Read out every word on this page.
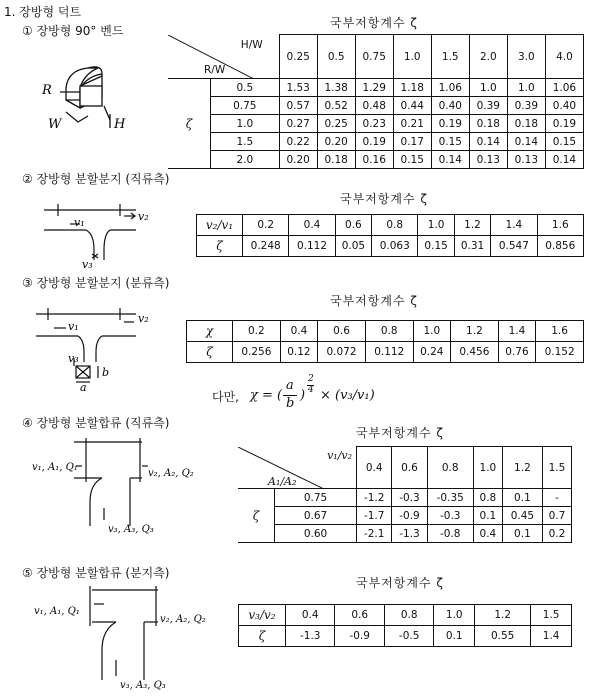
1. 장방형 덕트
① 장방형 90° 벤드
국부저항계수 ζ
R
W	H
H/W
R/W		0.25	0.5	0.75	1.0	1.5	2.0	3.0	4.0
ζ	0.5	1.53	1.38	1.29	1.18	1.06	1.0	1.0	1.06
	0.75	0.57	0.52	0.48	0.44	0.40	0.39	0.39	0.40
	1.0	0.27	0.25	0.23	0.21	0.19	0.18	0.18	0.19
	1.5	0.22	0.20	0.19	0.17	0.15	0.14	0.14	0.15
	2.0	0.20	0.18	0.16	0.15	0.14	0.13	0.13	0.14
② 장방형 분할분지 (직류측)
국부저항계수 ζ
v₁	v₂
v₃
v₂/v₁	0.2	0.4	0.6	0.8	1.0	1.2	1.4	1.6
ζ	0.248	0.112	0.05	0.063	0.15	0.31	0.547	0.856
③ 장방형 분할분지 (분류측)
국부저항계수 ζ
v₁
v₂
v₃
a
b
χ	0.2	0.4	0.6	0.8	1.0	1.2	1.4	1.6
ζ	0.256	0.12	0.072	0.112	0.24	0.456	0.76	0.152
다만, χ = (
a
b
)
2
4 × (v₃/v₁)
④ 장방형 분할합류 (직류측)
국부저항계수 ζ
v₁, A₁, Q₁
v₂, A₂, Q₂
v₃, A₃, Q₃
v₁/v₂
A₁/A₂		0.4	0.6	0.8	1.0	1.2	1.5
ζ	0.75	-1.2	-0.3	-0.35	0.8	0.1	-
	0.67	-1.7	-0.9	-0.3	0.1	0.45	0.7
	0.60	-2.1	-1.3	-0.8	0.4	0.1	0.2
⑤ 장방형 분할합류 (분지측)
국부저항계수 ζ
v₁, A₁, Q₁
v₂, A₂, Q₂
v₃, A₃, Q₃
v₃/v₂	0.4	0.6	0.8	1.0	1.2	1.5
ζ	-1.3	-0.9	-0.5	0.1	0.55	1.4
